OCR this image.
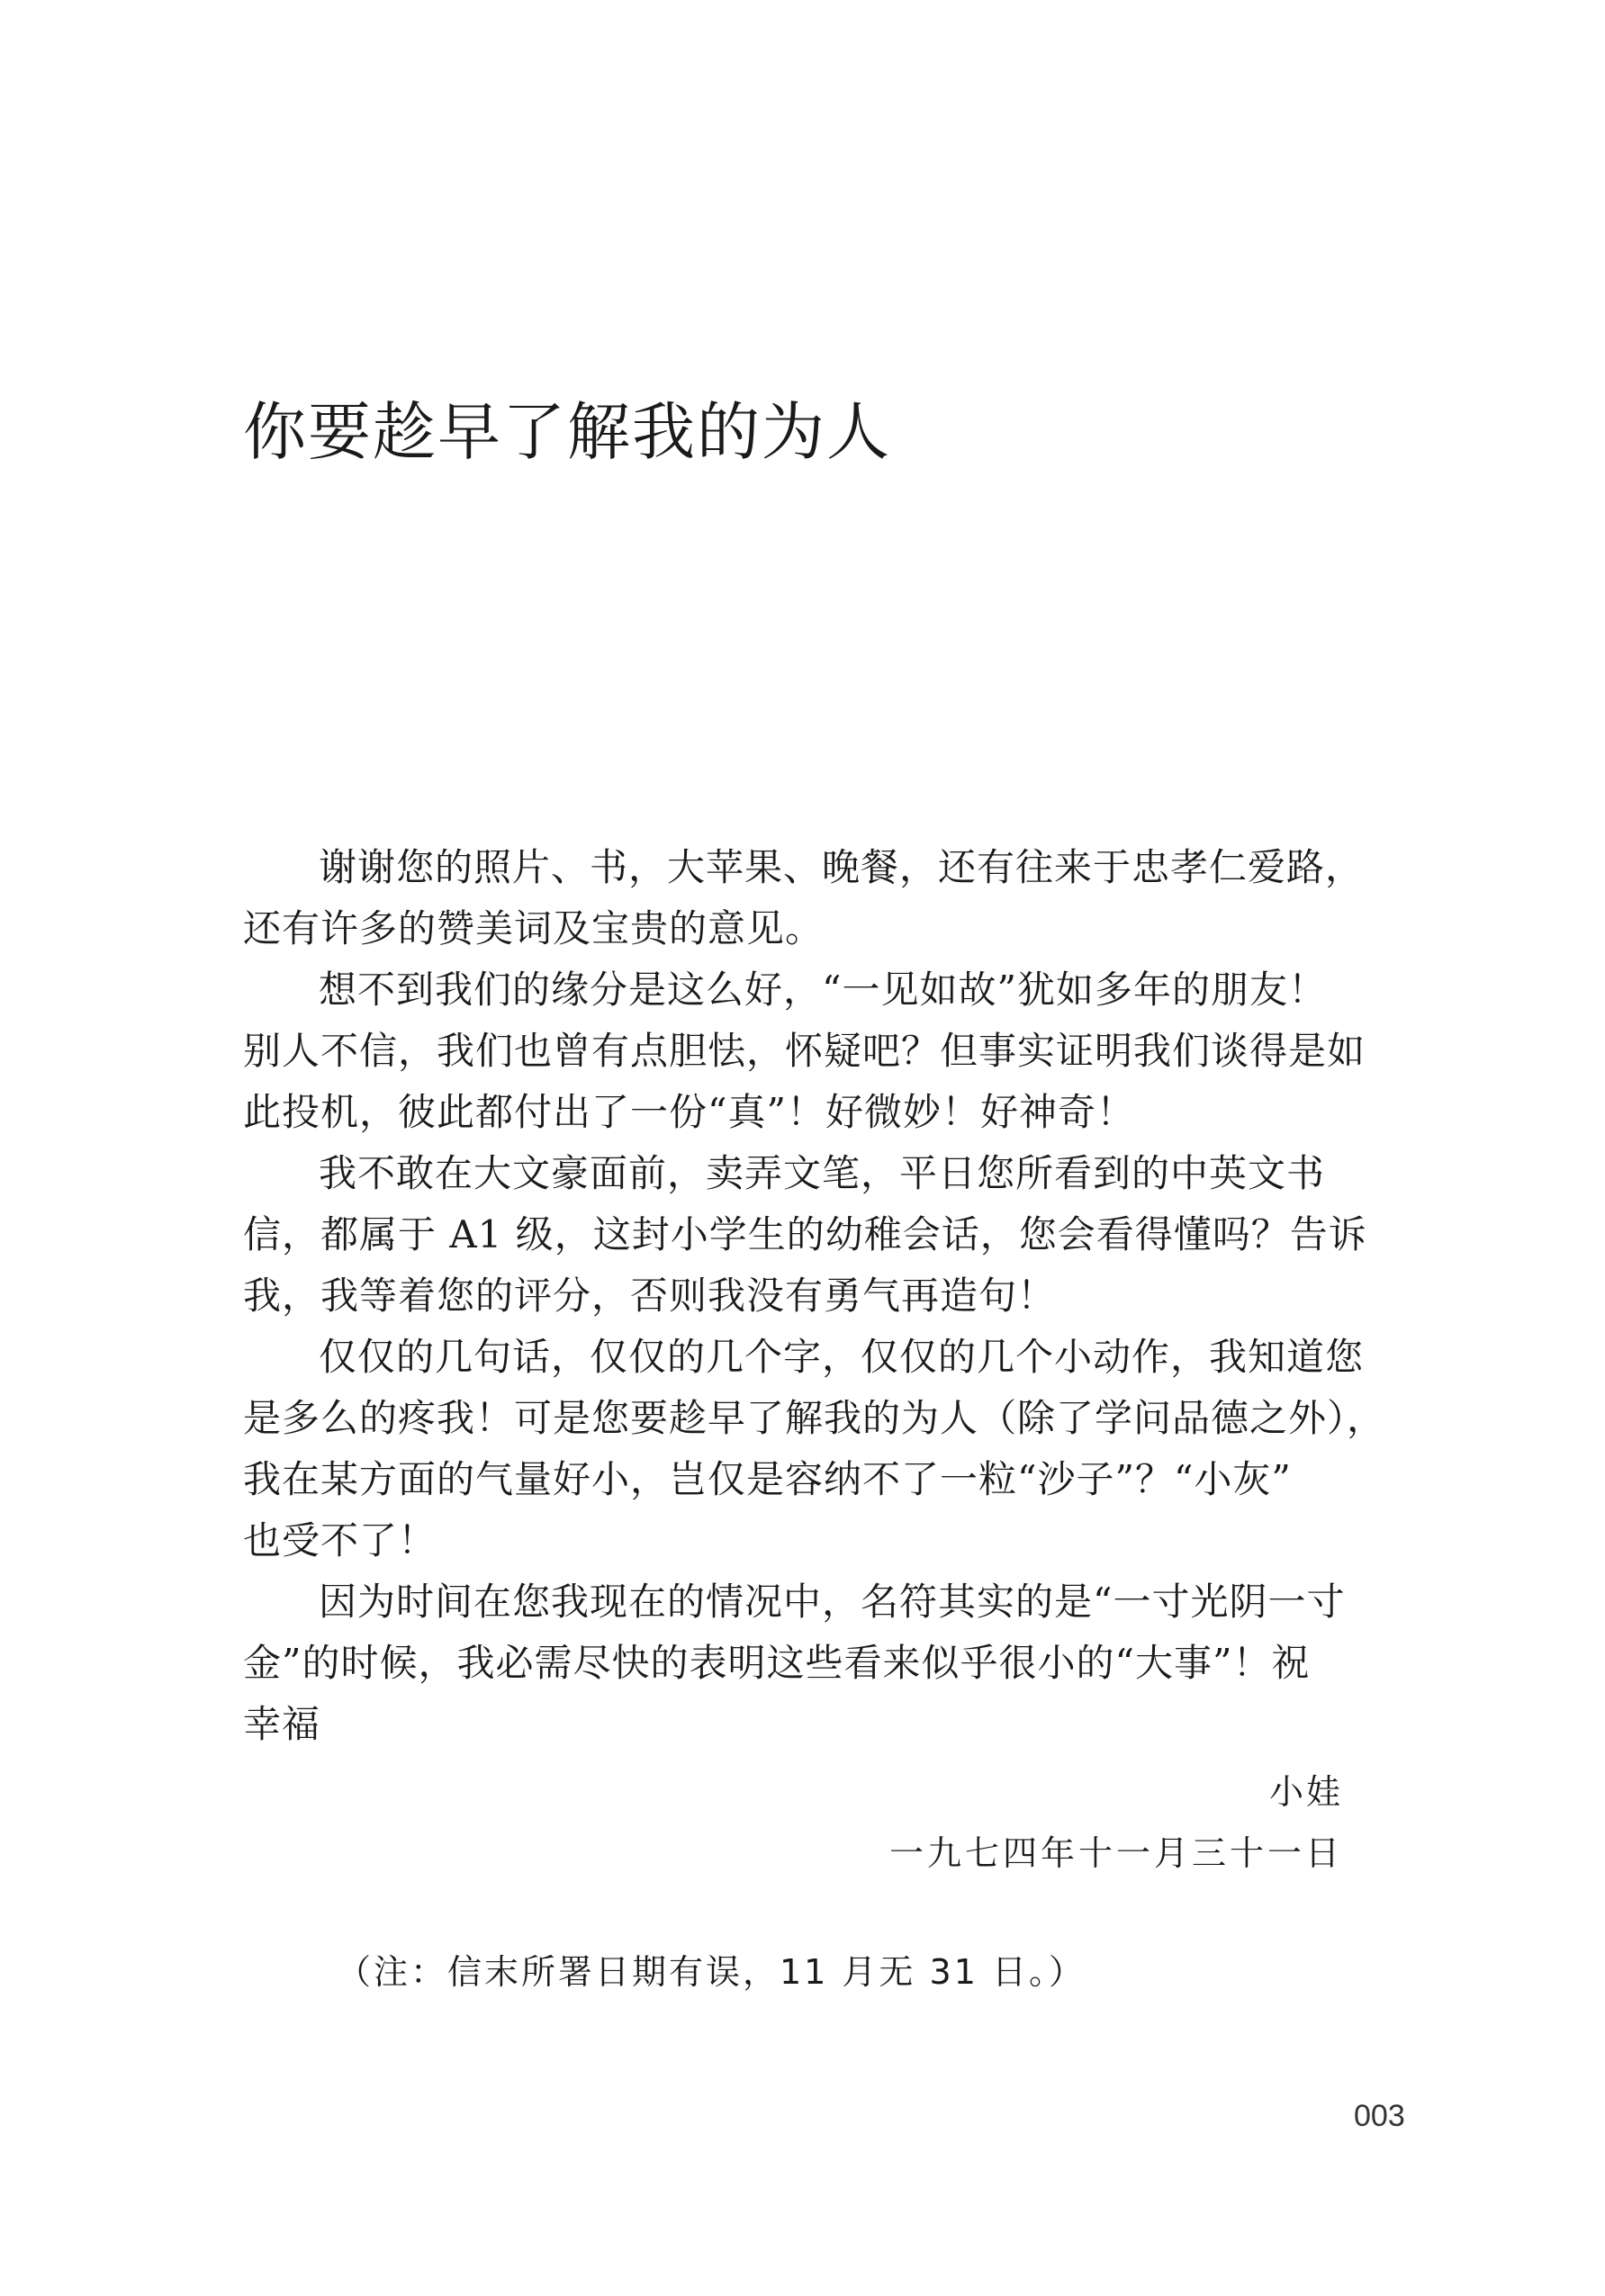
你要趁早了解我的为人
谢谢您的照片、书，大苹果、晚餐，还有往来于忠孝仁爱路，
还有许多的赞美词及宝贵的意见。
想不到我们的缘分是这么好，“一见如故”犹如多年的朋友！
别人不信，我们也曾有点胆怯，怀疑吧？但事实证明我们谈得是如
此投机，彼此都付出了一份“真”！好微妙！好神奇！
我不敢在大文豪面前，卖弄文笔，平日您所看到的中英文书
信，都属于 A1 级，这封小学生的幼稚会话，您会看得懂吗？告诉
我，我等着您的评分，否则我没有勇气再造句！
仅仅的几句话，仅仅的几个字，仅仅的几个小动作，我知道您
是多么的疼我！可是您要趁早了解我的为人（除了学问品德之外），
我在某方面的气量好小，岂仅是容纳不了一粒“沙子”？“小灰”
也受不了！
因为时间在您我现在的情况中，名符其实的是“一寸光阴一寸
金”的时候，我必需尽快的表明这些看来似乎很小的“大事”！祝
幸福
小娃
一九七四年十一月三十一日
（注：信末所署日期有误，11 月无 31 日。）
003
